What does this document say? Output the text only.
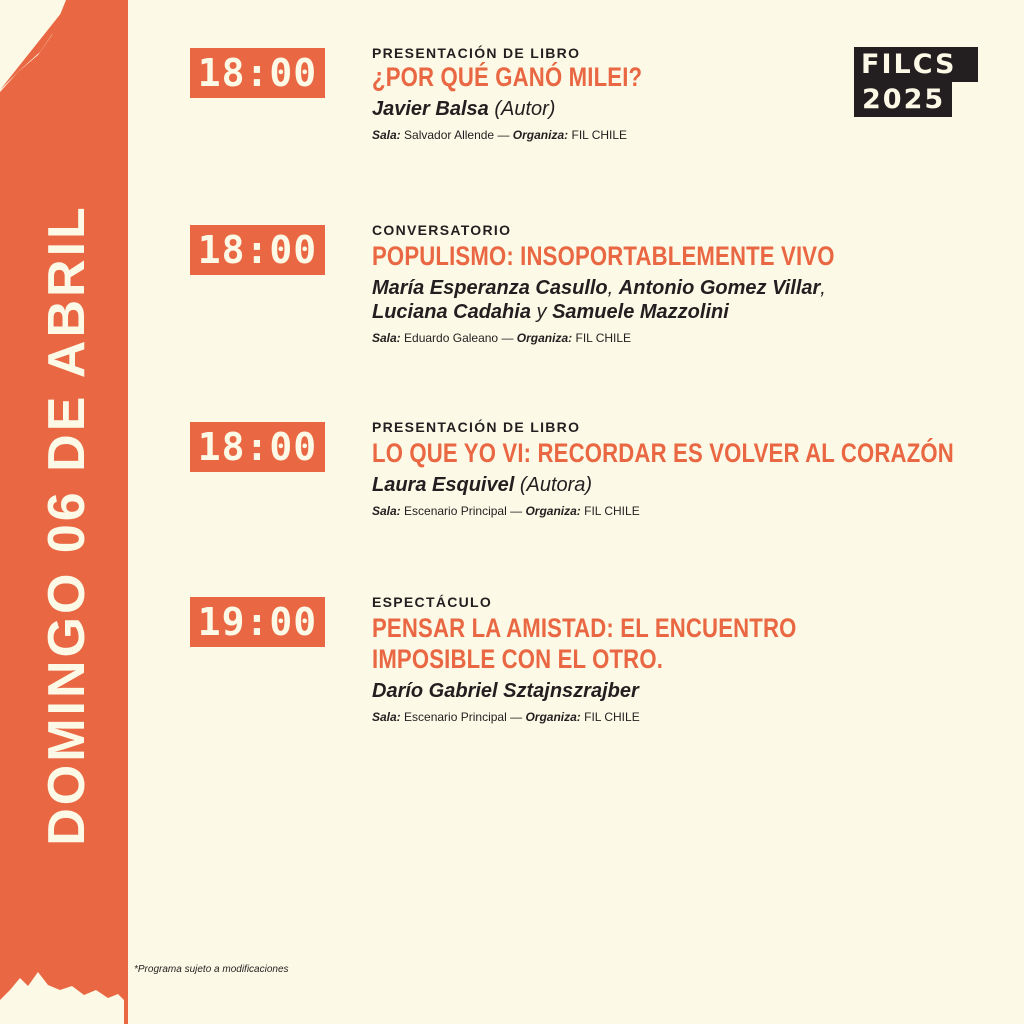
DOMINGO 06 DE ABRIL
FILCS
2025
18:00	PRESENTACIÓN DE LIBRO
¿POR QUÉ GANÓ MILEI?
Javier Balsa (Autor)
Sala: Salvador Allende — Organiza: FIL CHILE
18:00	CONVERSATORIO
POPULISMO: INSOPORTABLEMENTE VIVO
María Esperanza Casullo, Antonio Gomez Villar,
Luciana Cadahia y Samuele Mazzolini
Sala: Eduardo Galeano — Organiza: FIL CHILE
18:00	PRESENTACIÓN DE LIBRO
LO QUE YO VI: RECORDAR ES VOLVER AL CORAZÓN
Laura Esquivel (Autora)
Sala: Escenario Principal — Organiza: FIL CHILE
19:00	ESPECTÁCULO
PENSAR LA AMISTAD: EL ENCUENTRO
IMPOSIBLE CON EL OTRO.
Darío Gabriel Sztajnszrajber
Sala: Escenario Principal — Organiza: FIL CHILE
*Programa sujeto a modificaciones
